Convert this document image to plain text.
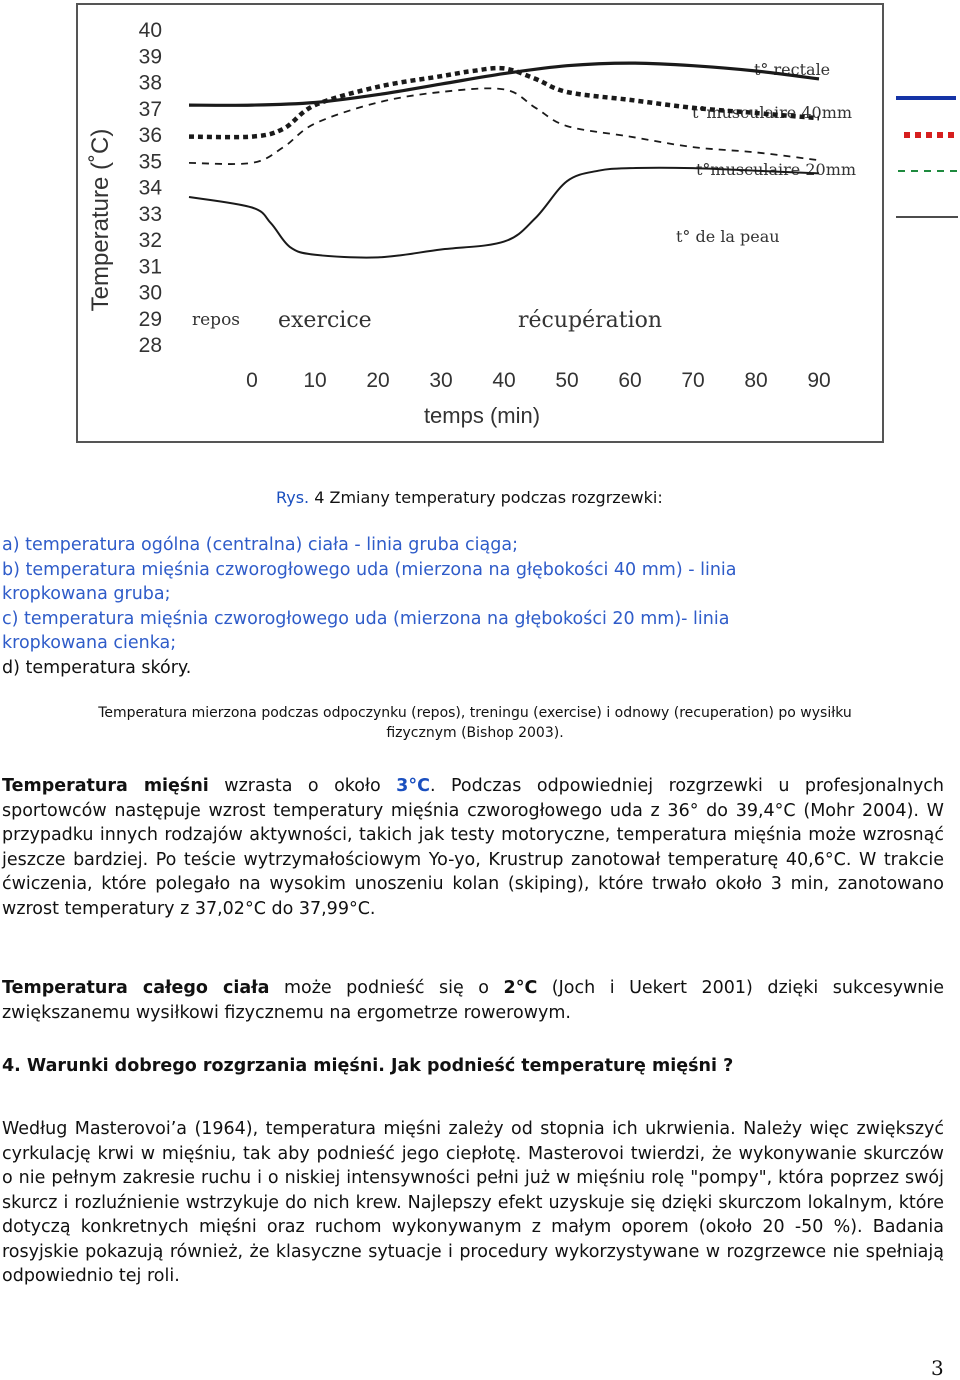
Temperature (˚C)
temps (min)
repos exercice	récupération
t° rectale
t°musculaire 40mm
t°musculaire 20mm
t° de la peau
40
39
38
37
36
35
34
33
32
31
30
29
28
0 10 20 30 40 50 60 70 80 90
Rys. 4 Zmiany temperatury podczas rozgrzewki:
a) temperatura ogólna (centralna) ciała - linia gruba ciąga;
b) temperatura mięśnia czworogłowego uda (mierzona na głębokości 40 mm) - linia
kropkowana gruba;
c) temperatura mięśnia czworogłowego uda (mierzona na głębokości 20 mm)- linia
kropkowana cienka;
d) temperatura skóry.
Temperatura mierzona podczas odpoczynku (repos), treningu (exercise) i odnowy (recuperation) po wysiłku
fizycznym (Bishop 2003).
Temperatura mięśni wzrasta o około 3°C. Podczas odpowiedniej rozgrzewki u profesjonalnych sportowców następuje wzrost temperatury mięśnia czworogłowego uda z 36° do 39,4°C (Mohr 2004). W przypadku innych rodzajów aktywności, takich jak testy motoryczne, temperatura mięśnia może wzrosnąć jeszcze bardziej. Po teście wytrzymałościowym Yo-yo, Krustrup zanotował temperaturę 40,6°C. W trakcie ćwiczenia, które polegało na wysokim unoszeniu kolan (skiping), które trwało około 3 min, zanotowano wzrost temperatury z 37,02°C do 37,99°C.
Temperatura całego ciała może podnieść się o 2°C (Joch i Uekert 2001) dzięki sukcesywnie zwiększanemu wysiłkowi fizycznemu na ergometrze rowerowym.
4. Warunki dobrego rozgrzania mięśni. Jak podnieść temperaturę mięśni ?
Według Masterovoi’a (1964), temperatura mięśni zależy od stopnia ich ukrwienia. Należy więc zwiększyć cyrkulację krwi w mięśniu, tak aby podnieść jego ciepłotę. Masterovoi twierdzi, że wykonywanie skurczów o nie pełnym zakresie ruchu i o niskiej intensywności pełni już w mięśniu rolę "pompy", która poprzez swój skurcz i rozluźnienie wstrzykuje do nich krew. Najlepszy efekt uzyskuje się dzięki skurczom lokalnym, które dotyczą konkretnych mięśni oraz ruchom wykonywanym z małym oporem (około 20 -50 %). Badania rosyjskie pokazują również, że klasyczne sytuacje i procedury wykorzystywane w rozgrzewce nie spełniają odpowiednio tej roli.
3
